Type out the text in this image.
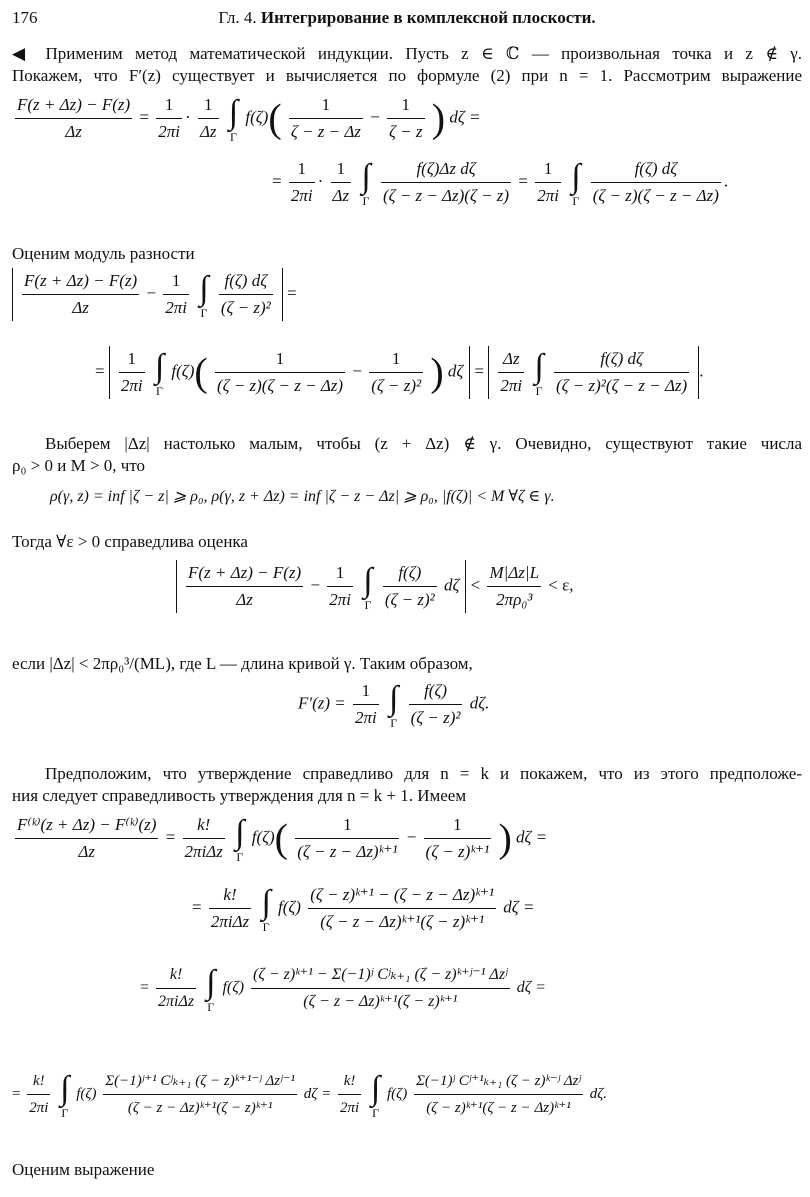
176	Гл. 4. Интегрирование в комплексной плоскости.
◀ Применим метод математической индукции. Пусть z ∈ ℂ — произвольная точка и z ∉ γ.
Покажем, что F′(z) существует и вычисляется по формуле (2) при n = 1. Рассмотрим выражение
$\frac{F(z + \Delta z) - F(z)}{\Delta z} = \frac{1}{2\pi i} \cdot \frac{1}{\Delta z}$
∫
Γ
$f(\zeta)( \frac{1}{\zeta - z - \Delta z} - \frac{1}{\zeta - z}$ ) dζ =
= $\frac{1}{2\pi i} \cdot \frac{1}{\Delta z}$
∫
Γ
$\frac{\text{f(ζ)Δz dζ}}{(\zeta - z - \Delta z)(\zeta - z)} = \frac{1}{2\pi i}$
∫
Γ
$\frac{f(\zeta) d\zeta}{(\zeta - z)(\zeta - z - \Delta z)}$ .
Оценим модуль разности
$\frac{F(z + \Delta z) - F(z)}{\Delta z} - \frac{1}{2\pi i}$
∫
Γ
$\frac{f(\zeta) d\zeta}{\text{(ζ − z)²}}$ =
= $\frac{1}{2\pi i}$
∫
Γ
$f(\zeta)( \frac{1}{(\zeta - z)(\zeta - z - \Delta z)} - \frac{1}{\text{(ζ − z)²}}$ ) $d\zeta = \frac{\Delta z}{2\pi i}$
∫
Γ
$\frac{f(\zeta) d\zeta}{\text{(ζ − z)²(ζ − z − Δz)}}$ .
Выберем |Δz| настолько малым, чтобы (z + Δz) ∉ γ. Очевидно, существуют такие числа
ρ₀ > 0 и M > 0, что
ρ(γ, z) = inf |ζ − z| ⩾ ρ₀, ρ(γ, z + Δz) = inf |ζ − z − Δz| ⩾ ρ₀, |f(ζ)| < M ∀ζ ∈ γ.
Тогда ∀ε > 0 справедлива оценка
$\frac{F(z + \Delta z) - F(z)}{\Delta z} - \frac{1}{2\pi i}$
∫
Γ
$\frac{f(\zeta)}{\text{(ζ − z)²}}$ $d\zeta < \frac{M|\Delta z|L}{\text{2πρ₀³}} < \varepsilon$,
если |Δz| < 2πρ₀³/(ML), где L — длина кривой γ. Таким образом,
$F'(z) = \frac{1}{2\pi i}$
∫
Γ
$\frac{f(\zeta)}{\text{(ζ − z)²}} d\zeta$.
Предположим, что утверждение справедливо для n = k и покажем, что из этого предположе-
ния следует справедливость утверждения для n = k + 1. Имеем
$\frac{\text{F⁽ᵏ⁾(z + Δz) − F⁽ᵏ⁾(z)}}{\Delta z} = \frac{k!}{\text{2πiΔz}}$
∫
Γ
$f(\zeta)( \frac{1}{\text{(ζ − z − Δz)ᵏ⁺¹}} - \frac{1}{\text{(ζ − z)ᵏ⁺¹}}$ ) dζ =
= $\frac{k!}{\text{2πiΔz}}$
∫
Γ
$f(\zeta) \frac{\text{(ζ − z)ᵏ⁺¹ − (ζ − z − Δz)ᵏ⁺¹}}{\text{(ζ − z − Δz)ᵏ⁺¹(ζ − z)ᵏ⁺¹}}$ dζ =
= $\frac{k!}{\text{2πiΔz}}$
∫
Γ
$f(\zeta) \frac{\text{(ζ − z)ᵏ⁺¹ − Σ(−1)ʲ Cʲₖ₊₁ (ζ − z)ᵏ⁺ʲ⁻¹ Δzʲ}}{\text{(ζ − z − Δz)ᵏ⁺¹(ζ − z)ᵏ⁺¹}}$ dζ =
= $\frac{k!}{2\pi i}$
∫
Γ
$f(\zeta) \frac{\text{Σ(−1)ʲ⁺¹ Cʲₖ₊₁ (ζ − z)ᵏ⁺¹⁻ʲ Δzʲ⁻¹}}{\text{(ζ − z − Δz)ᵏ⁺¹(ζ − z)ᵏ⁺¹}}$ $d\zeta = \frac{k!}{2\pi i}$
∫
Γ
$f(\zeta) \frac{\text{Σ(−1)ʲ Cʲ⁺¹ₖ₊₁ (ζ − z)ᵏ⁻ʲ Δzʲ}}{\text{(ζ − z)ᵏ⁺¹(ζ − z − Δz)ᵏ⁺¹}} d\zeta$.
Оценим выражение
